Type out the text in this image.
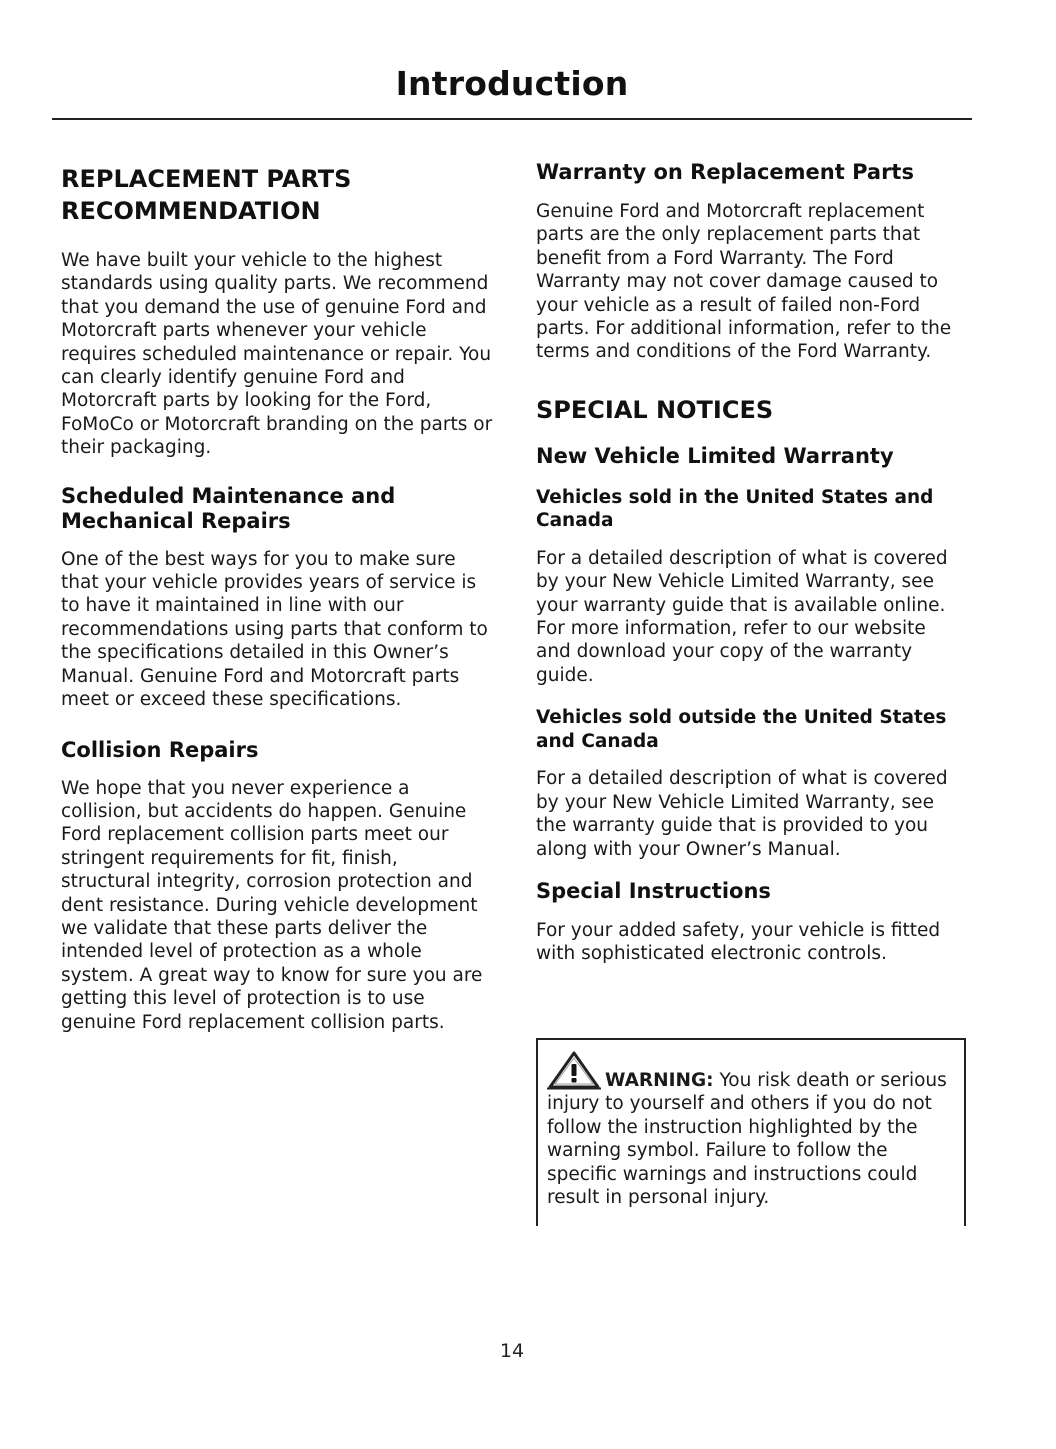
Introduction

REPLACEMENT PARTS

RECOMMENDATION

We have built your vehicle to the highest standards using quality parts. We recommend that you demand the use of genuine Ford and Motorcraft parts whenever your vehicle requires scheduled maintenance or repair. You can clearly identify genuine Ford and Motorcraft parts by looking for the Ford, FoMoCo or Motorcraft branding on the parts or their packaging.

Scheduled Maintenance and Mechanical Repairs

One of the best ways for you to make sure that your vehicle provides years of service is to have it maintained in line with our recommendations using parts that conform to the specifications detailed in this Owner’s Manual. Genuine Ford and Motorcraft parts meet or exceed these specifications.

Collision Repairs

We hope that you never experience a collision, but accidents do happen. Genuine Ford replacement collision parts meet our stringent requirements for fit, finish, structural integrity, corrosion protection and dent resistance. During vehicle development we validate that these parts deliver the intended level of protection as a whole system. A great way to know for sure you are getting this level of protection is to use genuine Ford replacement collision parts.

Warranty on Replacement Parts

Genuine Ford and Motorcraft replacement parts are the only replacement parts that benefit from a Ford Warranty. The Ford Warranty may not cover damage caused to your vehicle as a result of failed non-Ford parts. For additional information, refer to the terms and conditions of the Ford Warranty.

SPECIAL NOTICES

New Vehicle Limited Warranty

Vehicles sold in the United States and Canada

For a detailed description of what is covered by your New Vehicle Limited Warranty, see your warranty guide that is available online. For more information, refer to our website and download your copy of the warranty guide.

Vehicles sold outside the United States and Canada

For a detailed description of what is covered by your New Vehicle Limited Warranty, see the warranty guide that is provided to you along with your Owner’s Manual.

Special Instructions

For your added safety, your vehicle is fitted with sophisticated electronic controls.

WARNING: You risk death or serious injury to yourself and others if you do not follow the instruction highlighted by the warning symbol. Failure to follow the specific warnings and instructions could result in personal injury.
14
